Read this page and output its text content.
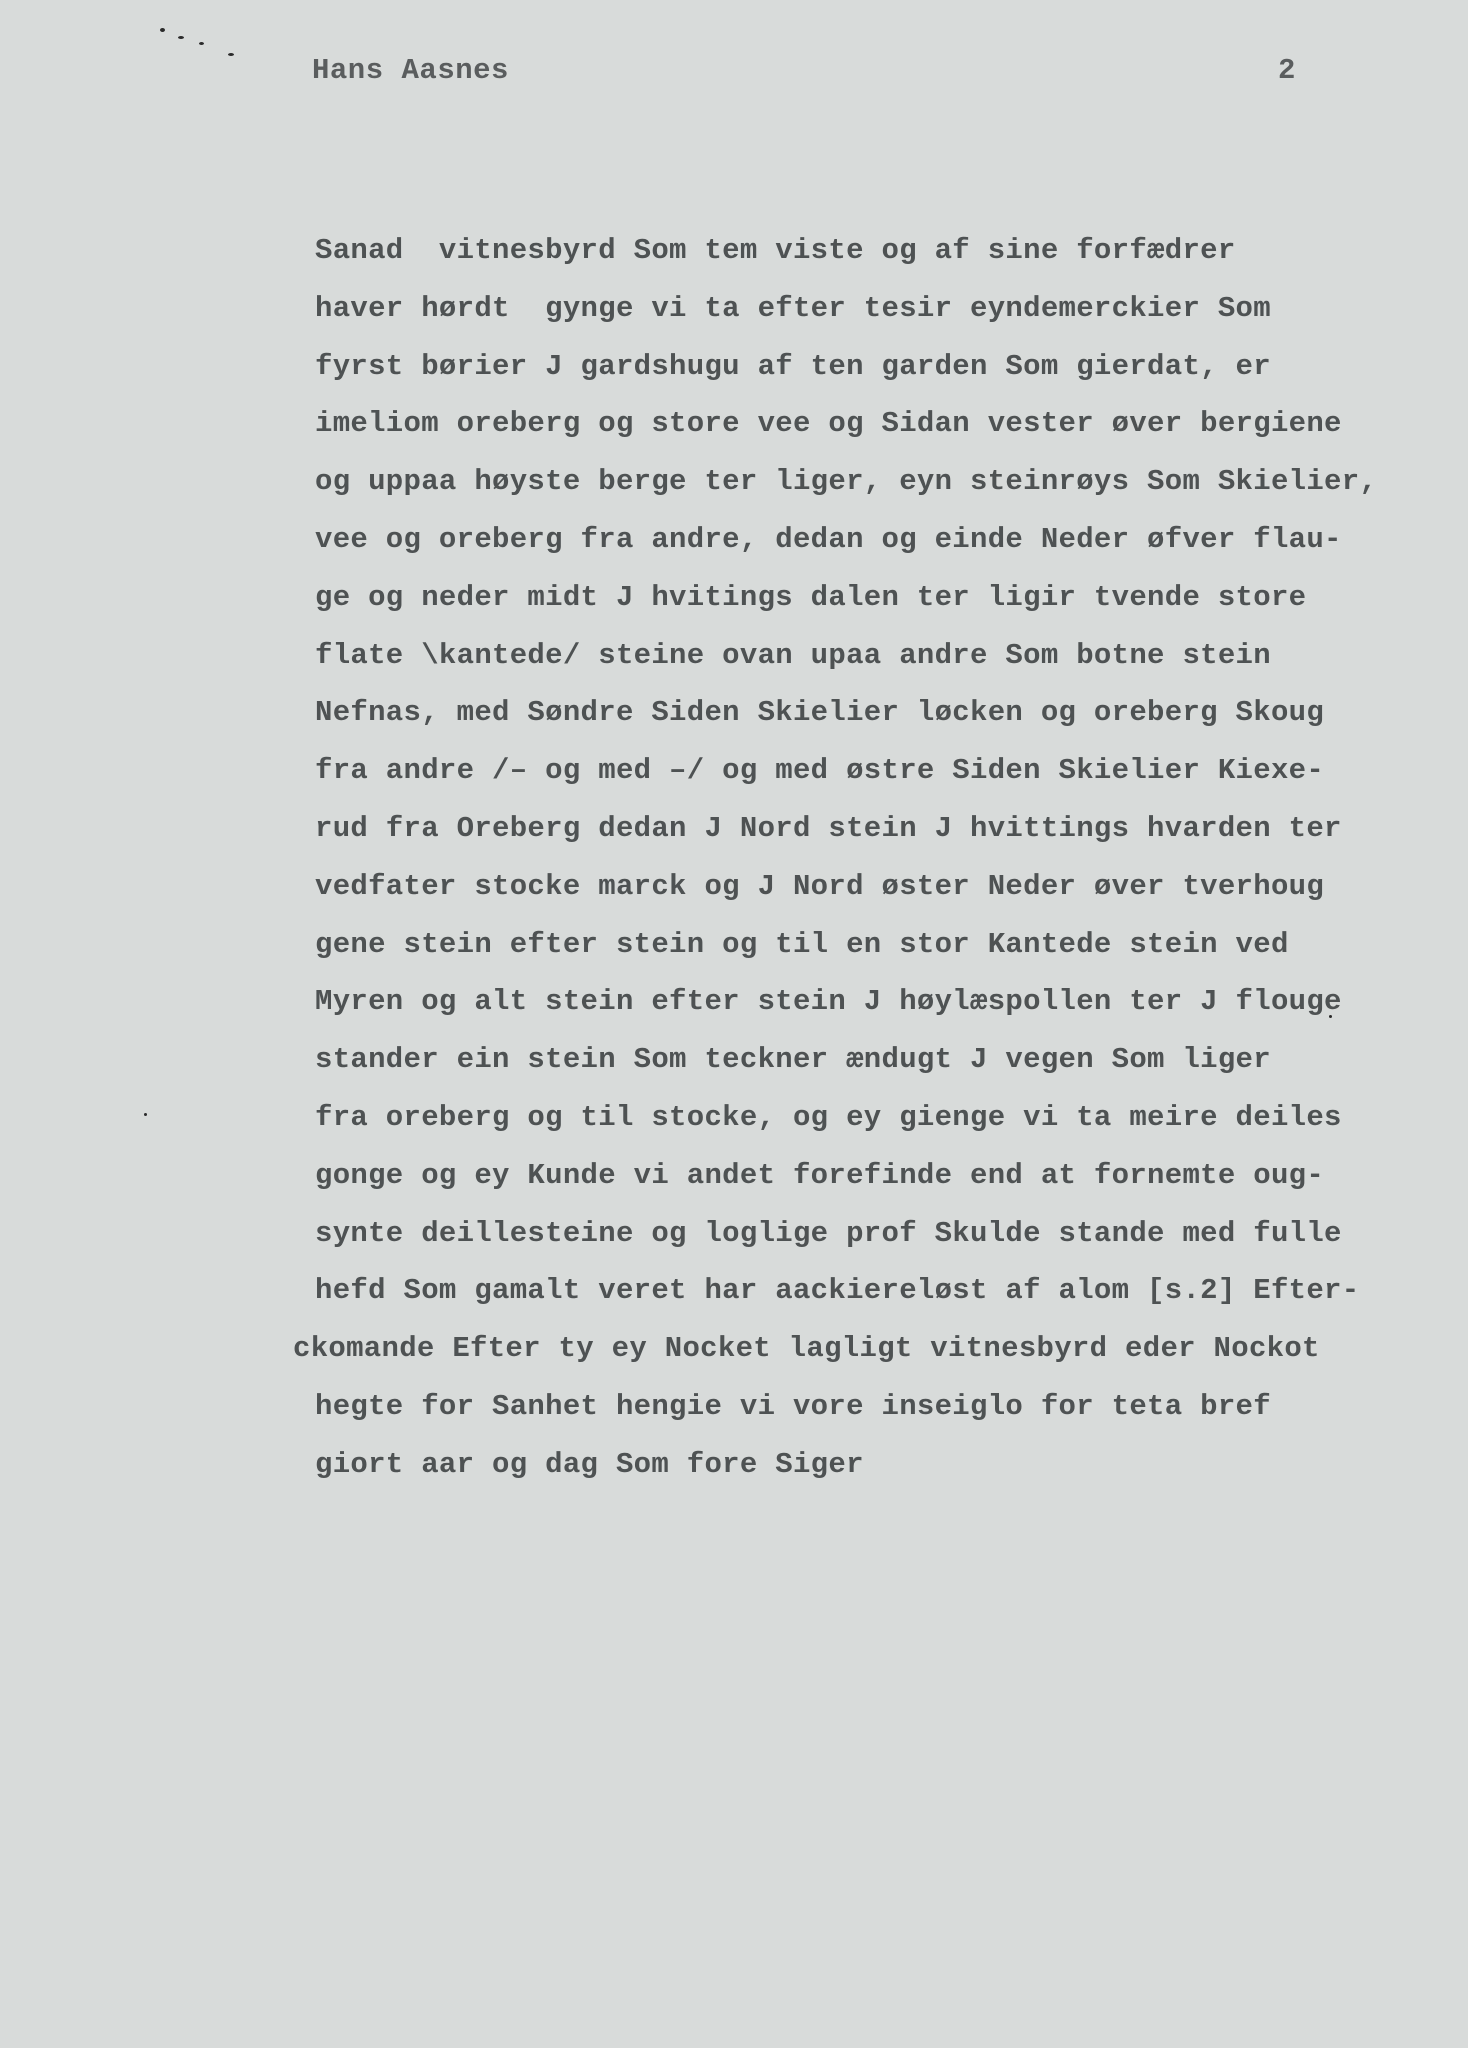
Hans Aasnes	2
Sanad  vitnesbyrd Som tem viste og af sine forfædrer
haver hørdt  gynge vi ta efter tesir eyndemerckier Som
fyrst børier J gardshugu af ten garden Som gierdat, er
imeliom oreberg og store vee og Sidan vester øver bergiene
og uppaa høyste berge ter liger, eyn steinrøys Som Skielier,
vee og oreberg fra andre, dedan og einde Neder øfver flau-
ge og neder midt J hvitings dalen ter ligir tvende store
flate \kantede/ steine ovan upaa andre Som botne stein
Nefnas, med Søndre Siden Skielier løcken og oreberg Skoug
fra andre /– og med –/ og med østre Siden Skielier Kiexe-
rud fra Oreberg dedan J Nord stein J hvittings hvarden ter
vedfater stocke marck og J Nord øster Neder øver tverhoug
gene stein efter stein og til en stor Kantede stein ved
Myren og alt stein efter stein J høylæspollen ter J flouge
stander ein stein Som teckner ændugt J vegen Som liger
fra oreberg og til stocke, og ey gienge vi ta meire deiles
gonge og ey Kunde vi andet forefinde end at fornemte oug-
synte deillesteine og loglige prof Skulde stande med fulle
hefd Som gamalt veret har aackiereløst af alom [s.2] Efter-
ckomande Efter ty ey Nocket lagligt vitnesbyrd eder Nockot
hegte for Sanhet hengie vi vore inseiglo for teta bref
giort aar og dag Som fore Siger
